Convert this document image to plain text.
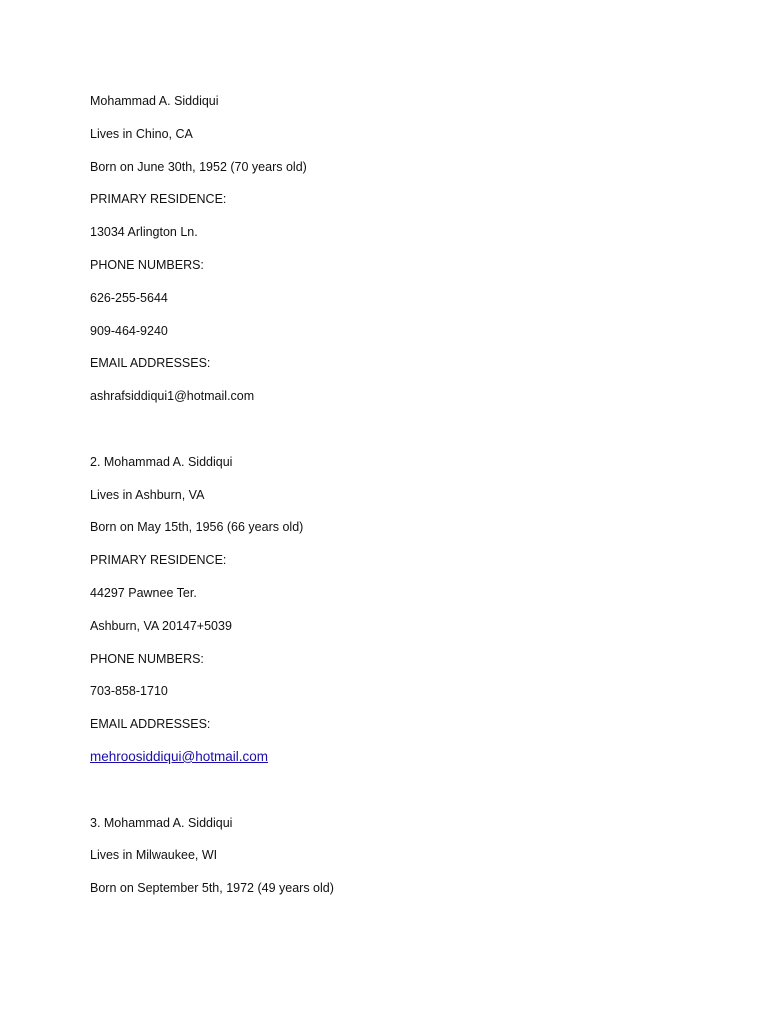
Mohammad A. Siddiqui
Lives in Chino, CA
Born on June 30th, 1952 (70 years old)
PRIMARY RESIDENCE:
13034 Arlington Ln.
PHONE NUMBERS:
626-255-5644
909-464-9240
EMAIL ADDRESSES:
ashrafsiddiqui1@hotmail.com
2. Mohammad A. Siddiqui
Lives in Ashburn, VA
Born on May 15th, 1956 (66 years old)
PRIMARY RESIDENCE:
44297 Pawnee Ter.
Ashburn, VA 20147+5039
PHONE NUMBERS:
703-858-1710
EMAIL ADDRESSES:
mehroosiddiqui@hotmail.com
3. Mohammad A. Siddiqui
Lives in Milwaukee, WI
Born on September 5th, 1972 (49 years old)
